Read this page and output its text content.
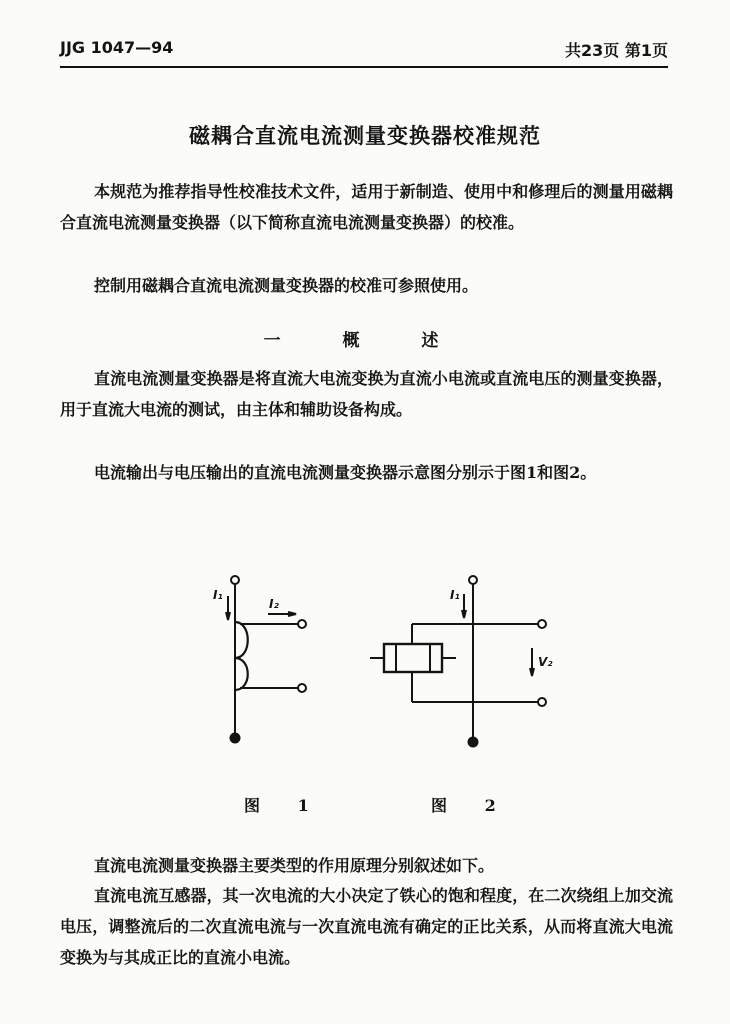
JJG 1047—94	共23页 第1页
磁耦合直流电流测量变换器校准规范

本规范为推荐指导性校准技术文件，适用于新制造、使用中和修理后的测量用磁耦合直流电流测量变换器（以下简称直流电流测量变换器）的校准。

控制用磁耦合直流电流测量变换器的校准可参照使用。

一 概 述

直流电流测量变换器是将直流大电流变换为直流小电流或直流电压的测量变换器，用于直流大电流的测试，由主体和辅助设备构成。

电流输出与电压输出的直流电流测量变换器示意图分别示于图1和图2。

I₁
I₂
I₁
V₂
图 1	图 2

直流电流测量变换器主要类型的作用原理分别叙述如下。

直流电流互感器，其一次电流的大小决定了铁心的饱和程度，在二次绕组上加交流电压，调整流后的二次直流电流与一次直流电流有确定的正比关系，从而将直流大电流变换为与其成正比的直流小电流。
